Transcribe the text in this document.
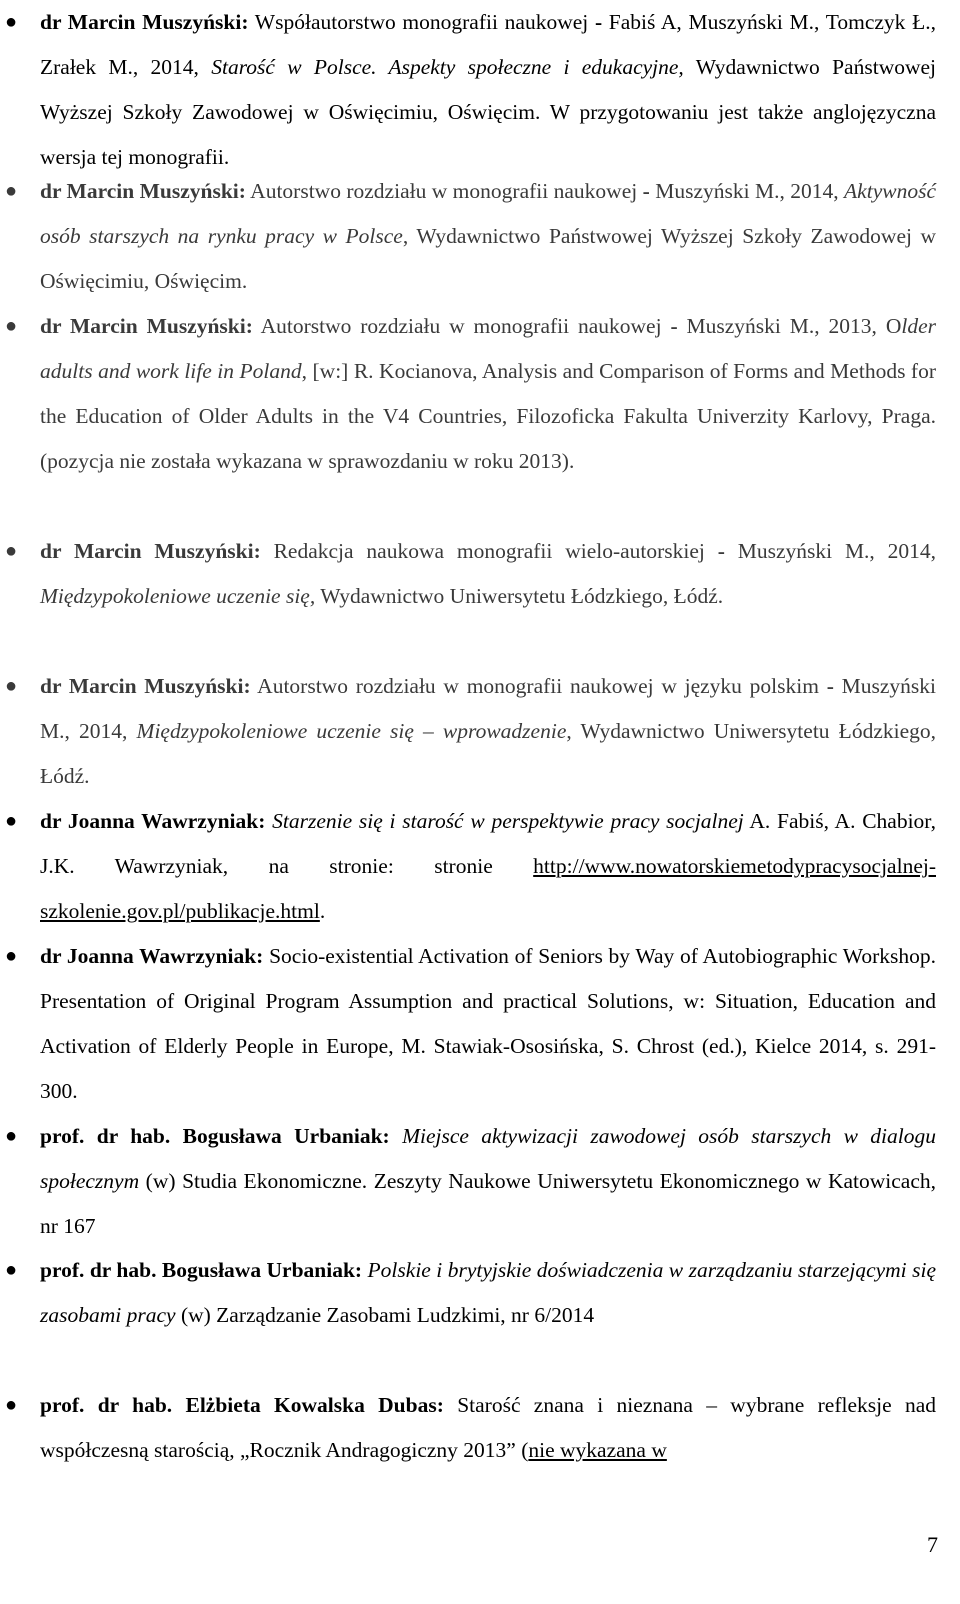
● dr Marcin Muszyński: Współautorstwo monografii naukowej - Fabiś A, Muszyński M., Tomczyk Ł., Zrałek M., 2014, Starość w Polsce. Aspekty społeczne i edukacyjne, Wydawnictwo Państwowej Wyższej Szkoły Zawodowej w Oświęcimiu, Oświęcim. W przygotowaniu jest także anglojęzyczna wersja tej monografii.
● dr Marcin Muszyński: Autorstwo rozdziału w monografii naukowej - Muszyński M., 2014, Aktywność osób starszych na rynku pracy w Polsce, Wydawnictwo Państwowej Wyższej Szkoły Zawodowej w Oświęcimiu, Oświęcim.
● dr Marcin Muszyński: Autorstwo rozdziału w monografii naukowej - Muszyński M., 2013, Older adults and work life in Poland, [w:] R. Kocianova, Analysis and Comparison of Forms and Methods for the Education of Older Adults in the V4 Countries, Filozoficka Fakulta Univerzity Karlovy, Praga. (pozycja nie została wykazana w sprawozdaniu w roku 2013).
● dr Marcin Muszyński: Redakcja naukowa monografii wielo-autorskiej - Muszyński M., 2014, Międzypokoleniowe uczenie się, Wydawnictwo Uniwersytetu Łódzkiego, Łódź.
● dr Marcin Muszyński: Autorstwo rozdziału w monografii naukowej w języku polskim - Muszyński M., 2014, Międzypokoleniowe uczenie się – wprowadzenie, Wydawnictwo Uniwersytetu Łódzkiego, Łódź.
● dr Joanna Wawrzyniak: Starzenie się i starość w perspektywie pracy socjalnej A. Fabiś, A. Chabior, J.K. Wawrzyniak, na stronie: stronie http://www.nowatorskiemetodypracysocjalnej-szkolenie.gov.pl/publikacje.html.
● dr Joanna Wawrzyniak: Socio-existential Activation of Seniors by Way of Autobiographic Workshop. Presentation of Original Program Assumption and practical Solutions, w: Situation, Education and Activation of Elderly People in Europe, M. Stawiak-Ososińska, S. Chrost (ed.), Kielce 2014, s. 291-300.
● prof. dr hab. Bogusława Urbaniak: Miejsce aktywizacji zawodowej osób starszych w dialogu społecznym (w) Studia Ekonomiczne. Zeszyty Naukowe Uniwersytetu Ekonomicznego w Katowicach, nr 167
● prof. dr hab. Bogusława Urbaniak: Polskie i brytyjskie doświadczenia w zarządzaniu starzejącymi się zasobami pracy (w) Zarządzanie Zasobami Ludzkimi, nr 6/2014
● prof. dr hab. Elżbieta Kowalska Dubas: Starość znana i nieznana – wybrane refleksje nad współczesną starością, „Rocznik Andragogiczny 2013” (nie wykazana w
7
